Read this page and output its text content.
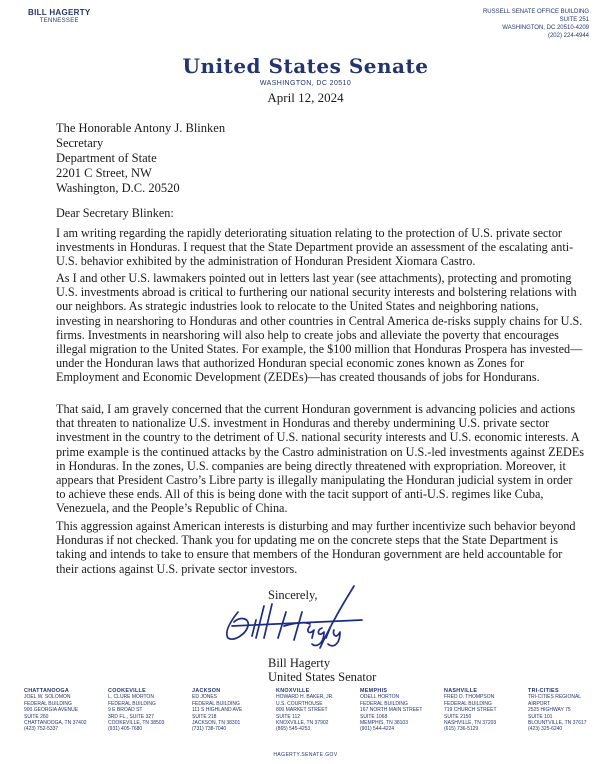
BILL HAGERTY
TENNESSEE
RUSSELL SENATE OFFICE BUILDING
SUITE 251
WASHINGTON, DC 20510-4209
(202) 224-4944
United States Senate
WASHINGTON, DC 20510
April 12, 2024
The Honorable Antony J. Blinken
Secretary
Department of State
2201 C Street, NW
Washington, D.C. 20520
Dear Secretary Blinken:

I am writing regarding the rapidly deteriorating situation relating to the protection of U.S. private sector investments in Honduras. I request that the State Department provide an assessment of the escalating anti-U.S. behavior exhibited by the administration of Honduran President Xiomara Castro.

As I and other U.S. lawmakers pointed out in letters last year (see attachments), protecting and promoting U.S. investments abroad is critical to furthering our national security interests and bolstering relations with our neighbors. As strategic industries look to relocate to the United States and neighboring nations, investing in nearshoring to Honduras and other countries in Central America de-risks supply chains for U.S. firms. Investments in nearshoring will also help to create jobs and alleviate the poverty that encourages illegal migration to the United States. For example, the $100 million that Honduras Prospera has invested—under the Honduran laws that authorized Honduran special economic zones known as Zones for Employment and Economic Development (ZEDEs)—has created thousands of jobs for Hondurans.

That said, I am gravely concerned that the current Honduran government is advancing policies and actions that threaten to nationalize U.S. investment in Honduras and thereby undermining U.S. private sector investment in the country to the detriment of U.S. national security interests and U.S. economic interests. A prime example is the continued attacks by the Castro administration on U.S.-led investments against ZEDEs in Honduras. In the zones, U.S. companies are being directly threatened with expropriation. Moreover, it appears that President Castro’s Libre party is illegally manipulating the Honduran judicial system in order to achieve these ends. All of this is being done with the tacit support of anti-U.S. regimes like Cuba, Venezuela, and the People’s Republic of China.

This aggression against American interests is disturbing and may further incentivize such behavior beyond Honduras if not checked. Thank you for updating me on the concrete steps that the State Department is taking and intends to take to ensure that members of the Honduran government are held accountable for their actions against U.S. private sector investors.

Sincerely,
Bill Hagerty
United States Senator
CHATTANOOGA
JOEL W. SOLOMON
FEDERAL BUILDING
900 GEORGIA AVENUE
SUITE 260
CHATTANOOGA, TN 37402
(423) 752-5337
COOKEVILLE
L. CLURE MORTON
FEDERAL BUILDING
9 E BROAD ST
3RD FL., SUITE 327
COOKEVILLE, TN 38503
(931) 405-7680
JACKSON
ED JONES
FEDERAL BUILDING
111 S HIGHLAND AVE
SUITE 218
JACKSON, TN 38301
(731) 738-7040
KNOXVILLE
HOWARD H. BAKER, JR.
U.S. COURTHOUSE
800 MARKET STREET
SUITE 112
KNOXVILLE, TN 37902
(865) 545-4253
MEMPHIS
ODELL HORTON
FEDERAL BUILDING
167 NORTH MAIN STREET
SUITE 1068
MEMPHIS, TN 38103
(901) 544-4224
NASHVILLE
FRED D. THOMPSON
FEDERAL BUILDING
719 CHURCH STREET
SUITE 2150
NASHVILLE, TN 37203
(615) 736-5129
TRI-CITIES
TRI-CITIES REGIONAL
AIRPORT
2525 HIGHWAY 75
SUITE 101
BLOUNTVILLE, TN 37617
(423) 325-6240
HAGERTY.SENATE.GOV
